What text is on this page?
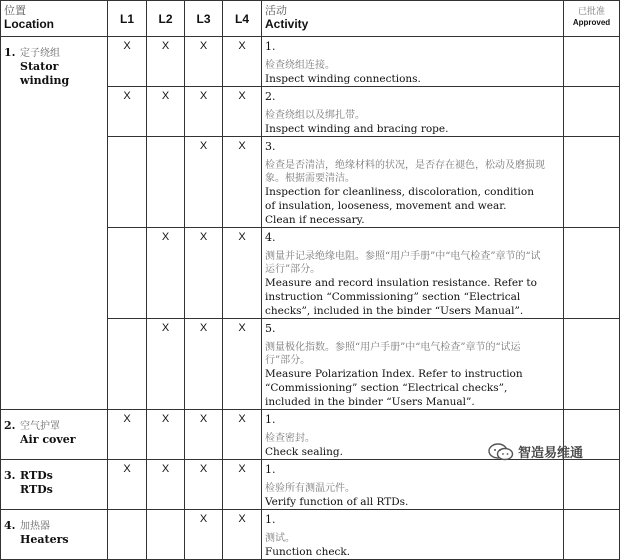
位置
Location	L1	L2	L3	L4	活动
Activity	已批准
Approved

1. 定子绕组
Stator winding	X	X	X	X	1.
检查绕组连接。
Inspect winding connections.	

	X	X	X	X	2.
检查绕组以及绑扎带。
Inspect winding and bracing rope.	

			X	X	3.
检查是否清洁，绝缘材料的状况，是否存在褪色，松动及磨损现象。根据需要清洁。
Inspection for cleanliness, discoloration, condition of insulation, looseness, movement and wear.
Clean if necessary.	

		X	X	X	4.
测量并记录绝缘电阻。参照“用户手册”中“电气检查”章节的“试运行”部分。
Measure and record insulation resistance. Refer to instruction “Commissioning” section “Electrical checks”, included in the binder “Users Manual”.	

		X	X	X	5.
测量极化指数。参照“用户手册”中“电气检查”章节的“试运行”部分。
Measure Polarization Index. Refer to instruction “Commissioning” section “Electrical checks”, included in the binder “Users Manual”.	

2. 空气护罩
Air cover	X	X	X	X	1.
检查密封。
Check sealing.	

3. RTDs
RTDs	X	X	X	X	1.
检验所有测温元件。
Verify function of all RTDs.	

4. 加热器
Heaters			X	X	1.
测试。
Function check.	

智造易维通
